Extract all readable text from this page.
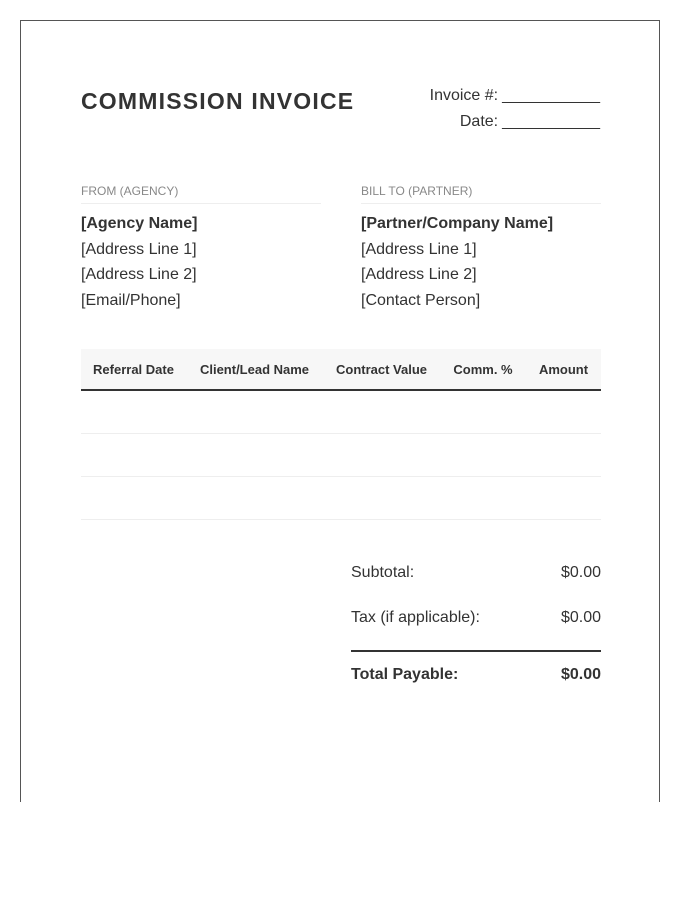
COMMISSION INVOICE	Invoice #: ___________
Date: ___________
FROM (AGENCY)
[Agency Name]
[Address Line 1]
[Address Line 2]
[Email/Phone]
BILL TO (PARTNER)
[Partner/Company Name]
[Address Line 1]
[Address Line 2]
[Contact Person]
Referral Date	Client/Lead Name	Contract Value	Comm. %	Amount

Subtotal:	$0.00
Tax (if applicable):	$0.00
Total Payable:	$0.00
